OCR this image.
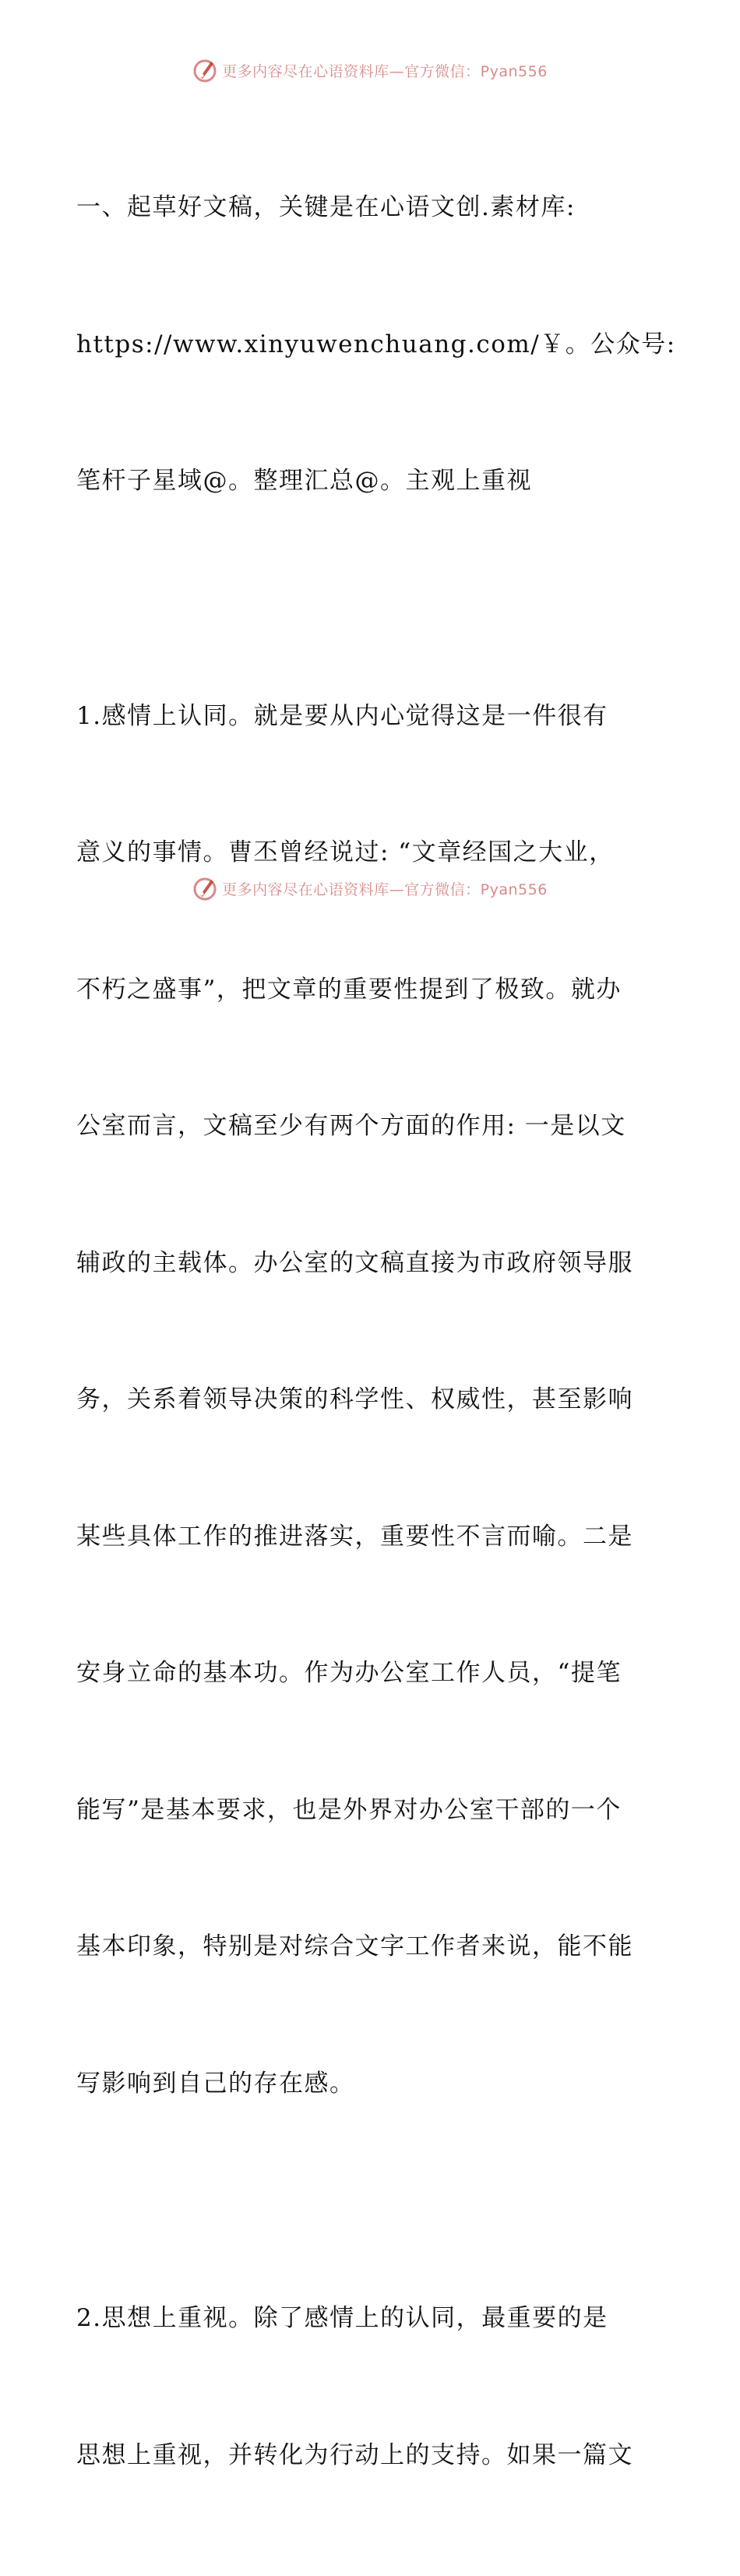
更多内容尽在心语资料库—官方微信：Pyan556

一、起草好文稿，关键是在心语文创.素材库:

https://www.xinyuwenchuang.com/￥。公众号:

笔杆子星域@。整理汇总@。主观上重视

1.感情上认同。就是要从内心觉得这是一件很有

意义的事情。曹丕曾经说过: “文章经国之大业，

不朽之盛事”，把文章的重要性提到了极致。就办

公室而言，文稿至少有两个方面的作用: 一是以文

辅政的主载体。办公室的文稿直接为市政府领导服

务，关系着领导决策的科学性、权威性，甚至影响

某些具体工作的推进落实，重要性不言而喻。二是

安身立命的基本功。作为办公室工作人员，“提笔

能写”是基本要求，也是外界对办公室干部的一个

基本印象，特别是对综合文字工作者来说，能不能

写影响到自己的存在感。

2.思想上重视。除了感情上的认同，最重要的是

思想上重视，并转化为行动上的支持。如果一篇文

更多内容尽在心语资料库—官方微信：Pyan556
